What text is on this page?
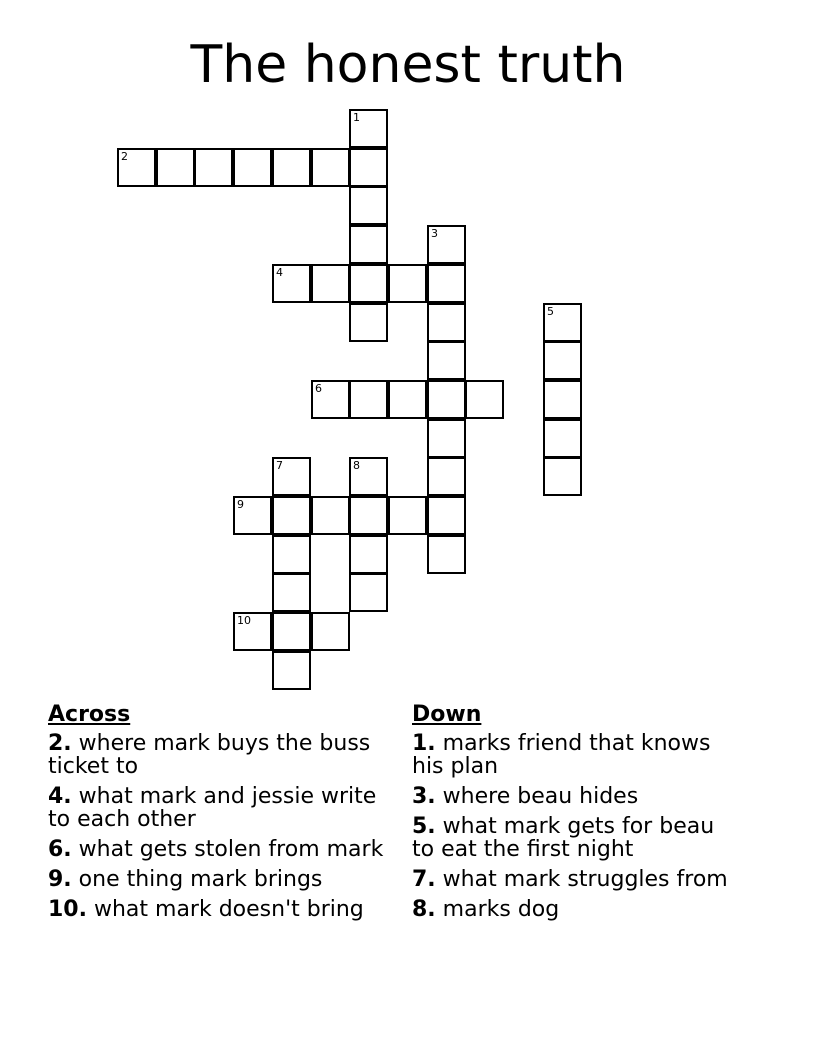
The honest truth
1
2
3
4
5
6
7	8
9
10
Across
2. where mark buys the buss ticket to
4. what mark and jessie write to each other
6. what gets stolen from mark
9. one thing mark brings
10. what mark doesn't bring
Down
1. marks friend that knows his plan
3. where beau hides
5. what mark gets for beau to eat the first night
7. what mark struggles from
8. marks dog
